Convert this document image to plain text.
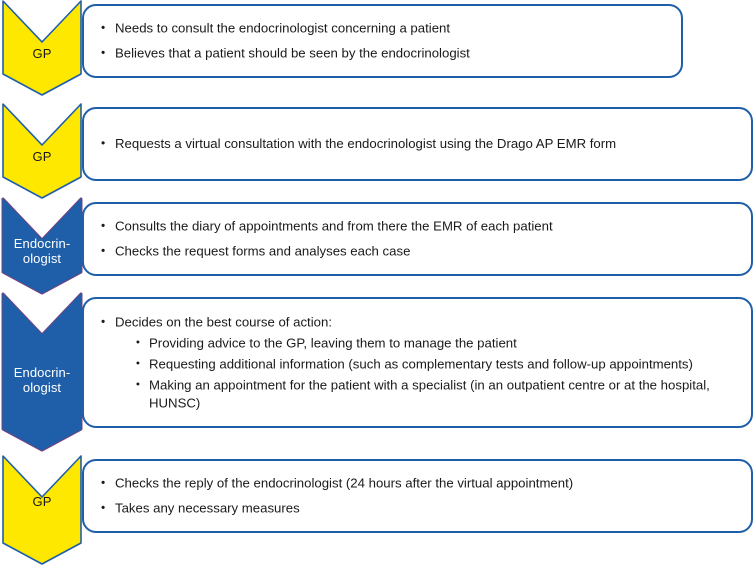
GP
• Needs to consult the endocrinologist concerning a patient
• Believes that a patient should be seen by the endocrinologist
GP
• Requests a virtual consultation with the endocrinologist using the Drago AP EMR form
Endocrin-
ologist
• Consults the diary of appointments and from there the EMR of each patient
• Checks the request forms and analyses each case
Endocrin-
ologist
• Decides on the best course of action:
• Providing advice to the GP, leaving them to manage the patient
• Requesting additional information (such as complementary tests and follow-up appointments)
• Making an appointment for the patient with a specialist (in an outpatient centre or at the hospital, HUNSC)
GP
• Checks the reply of the endocrinologist (24 hours after the virtual appointment)
• Takes any necessary measures
